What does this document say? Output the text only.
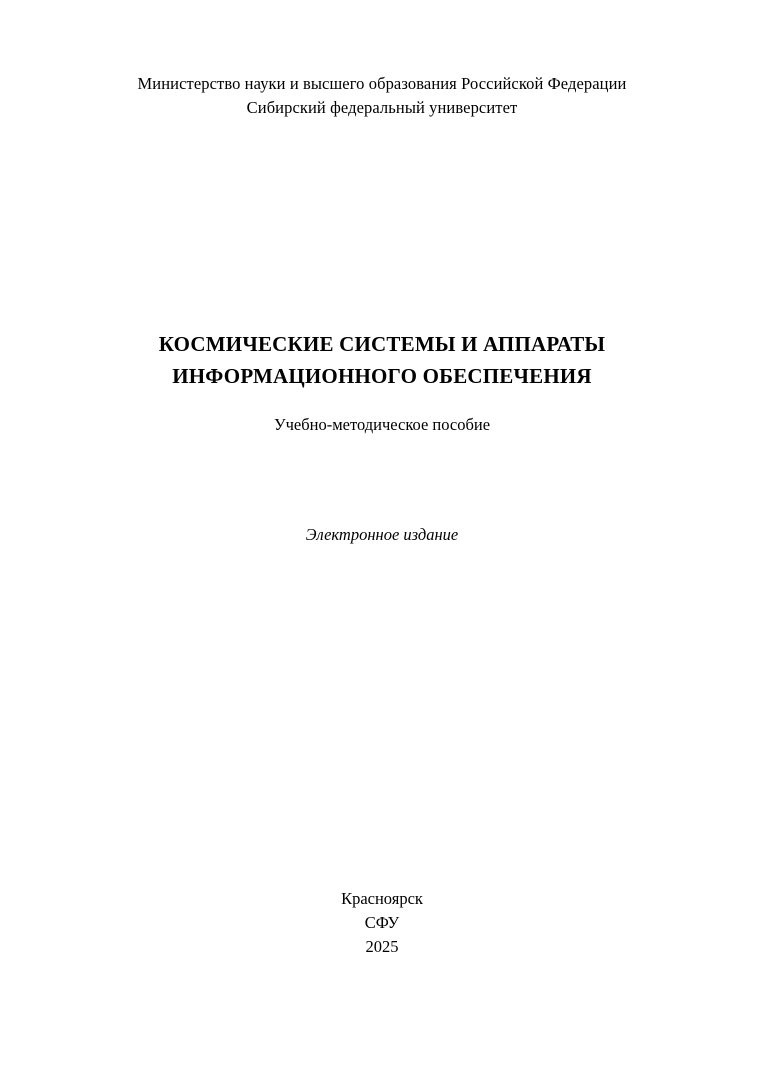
Министерство науки и высшего образования Российской Федерации
Сибирский федеральный университет
КОСМИЧЕСКИЕ СИСТЕМЫ И АППАРАТЫ
ИНФОРМАЦИОННОГО ОБЕСПЕЧЕНИЯ
Учебно-методическое пособие
Электронное издание
Красноярск
СФУ
2025
